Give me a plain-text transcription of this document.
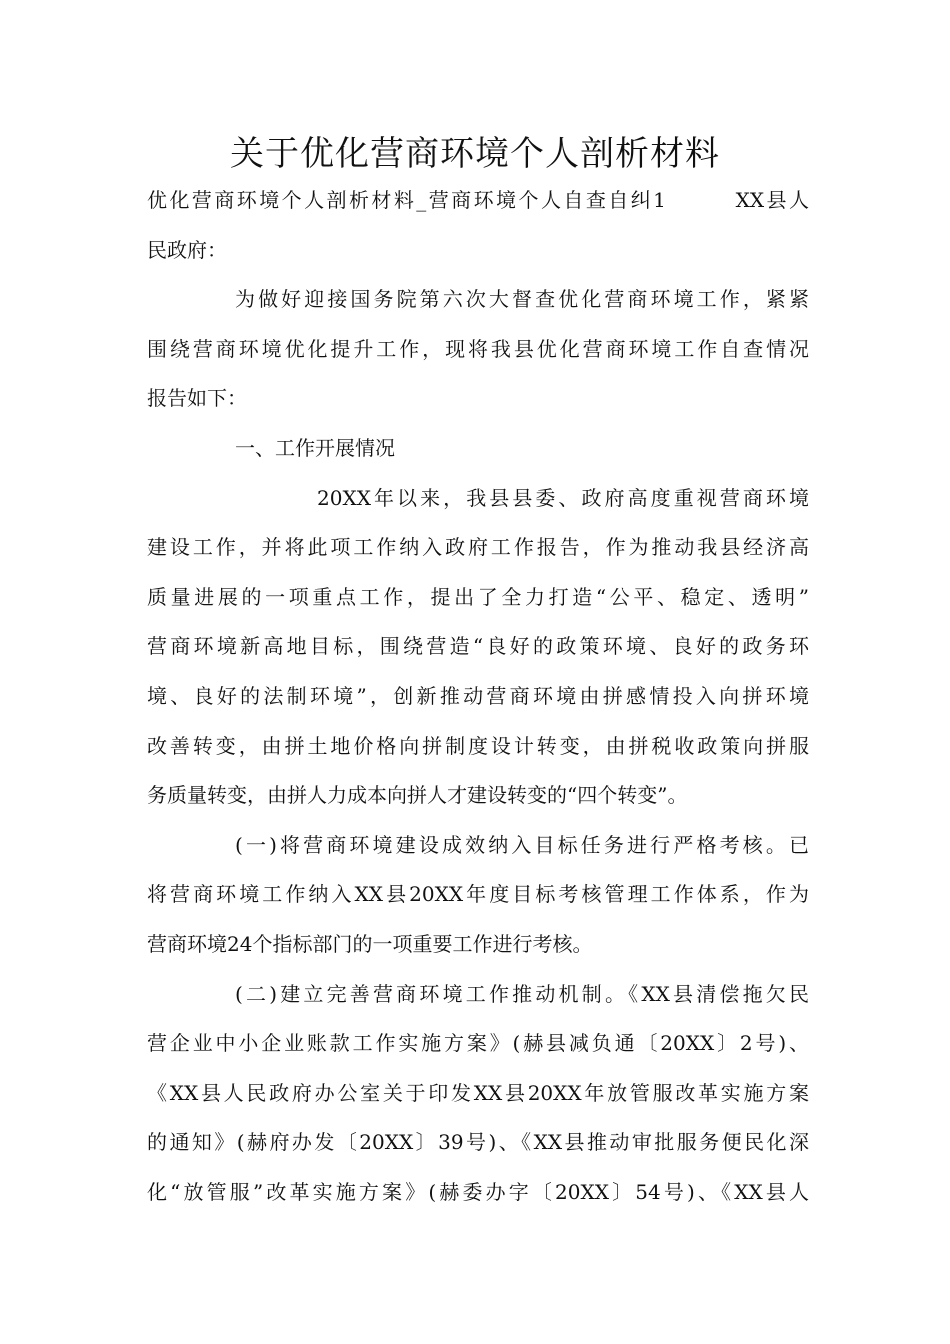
关于优化营商环境个人剖析材料
优化营商环境个人剖析材料_营商环境个人自查自纠1　　　XX县人
民政府：
为做好迎接国务院第六次大督查优化营商环境工作，紧紧
围绕营商环境优化提升工作，现将我县优化营商环境工作自查情况
报告如下：
一、工作开展情况
20XX年以来，我县县委、政府高度重视营商环境
建设工作，并将此项工作纳入政府工作报告，作为推动我县经济高
质量进展的一项重点工作，提出了全力打造“公平、稳定、透明”
营商环境新高地目标，围绕营造“良好的政策环境、良好的政务环
境、良好的法制环境”，创新推动营商环境由拼感情投入向拼环境
改善转变，由拼土地价格向拼制度设计转变，由拼税收政策向拼服
务质量转变，由拼人力成本向拼人才建设转变的“四个转变”。
(一)将营商环境建设成效纳入目标任务进行严格考核。已
将营商环境工作纳入XX县20XX年度目标考核管理工作体系，作为
营商环境24个指标部门的一项重要工作进行考核。
(二)建立完善营商环境工作推动机制。《XX县清偿拖欠民
营企业中小企业账款工作实施方案》(赫县减负通〔20XX〕2号)、
《XX县人民政府办公室关于印发XX县20XX年放管服改革实施方案
的通知》(赫府办发〔20XX〕39号)、《XX县推动审批服务便民化深
化“放管服”改革实施方案》(赫委办字〔20XX〕54号)、《XX县人
